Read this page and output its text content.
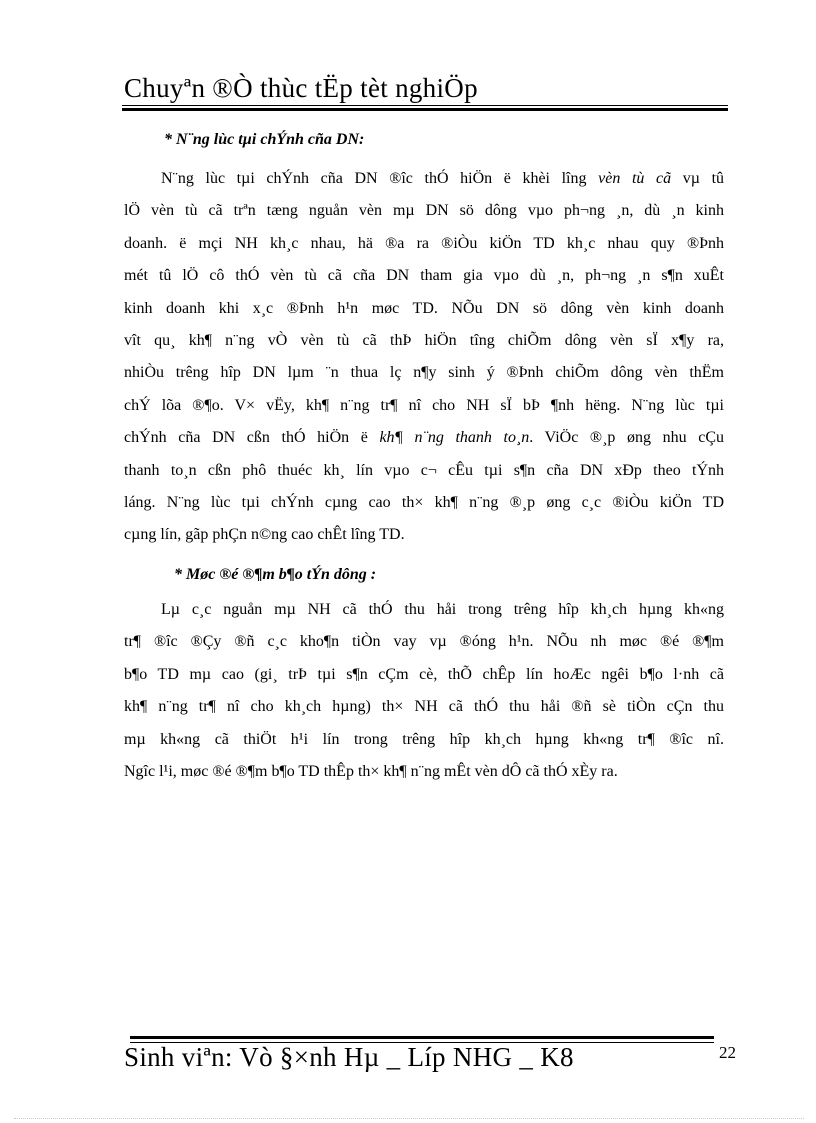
Chuyªn ®Ò thùc tËp tèt nghiÖp
* N¨ng lùc tµi chÝnh cña DN:
N¨ng lùc tµi chÝnh cña DN ®îc thÓ hiÖn ë khèi lîng vèn tù cã vµ tû
lÖ vèn tù cã trªn tæng nguån vèn mµ DN sö dông vµo ph¬ng ¸n, dù ¸n kinh
doanh. ë mçi NH kh¸c nhau, hä ®a ra ®iÒu kiÖn TD kh¸c nhau quy ®Þnh
mét tû lÖ cô thÓ vèn tù cã cña DN tham gia vµo dù ¸n, ph¬ng ¸n s¶n xuÊt
kinh doanh khi x¸c ®Þnh h¹n møc TD. NÕu DN sö dông vèn kinh doanh
vît qu¸ kh¶ n¨ng vÒ vèn tù cã thÞ hiÖn tîng chiÕm dông vèn sÏ x¶y ra,
nhiÒu trêng hîp DN lµm ¨n thua lç n¶y sinh ý ®Þnh chiÕm dông vèn thËm
chÝ lõa ®¶o. V× vËy, kh¶ n¨ng tr¶ nî cho NH sÏ bÞ ¶nh hëng. N¨ng lùc tµi
chÝnh cña DN cßn thÓ hiÖn ë kh¶ n¨ng thanh to¸n. ViÖc ®¸p øng nhu cÇu
thanh to¸n cßn phô thuéc kh¸ lín vµo c¬ cÊu tµi s¶n cña DN xÐp theo tÝnh
láng. N¨ng lùc tµi chÝnh cµng cao th× kh¶ n¨ng ®¸p øng c¸c ®iÒu kiÖn TD
cµng lín, gãp phÇn n©ng cao chÊt lîng TD.
* Møc ®é ®¶m b¶o tÝn dông :
Lµ c¸c nguån mµ NH cã thÓ thu håi trong trêng hîp kh¸ch hµng kh«ng
tr¶ ®îc ®Çy ®ñ c¸c kho¶n tiÒn vay vµ ®óng h¹n. NÕu nh møc ®é ®¶m
b¶o TD mµ cao (gi¸ trÞ tµi s¶n cÇm cè, thÕ chÊp lín hoÆc ngêi b¶o l·nh cã
kh¶ n¨ng tr¶ nî cho kh¸ch hµng) th× NH cã thÓ thu håi ®ñ sè tiÒn cÇn thu
mµ kh«ng cã thiÖt h¹i lín trong trêng hîp kh¸ch hµng kh«ng tr¶ ®îc nî.
Ngîc l¹i, møc ®é ®¶m b¶o TD thÊp th× kh¶ n¨ng mÊt vèn dÔ cã thÓ xÈy ra.
Sinh viªn: Vò §×nh Hµ _ Líp NHG _ K8	22
